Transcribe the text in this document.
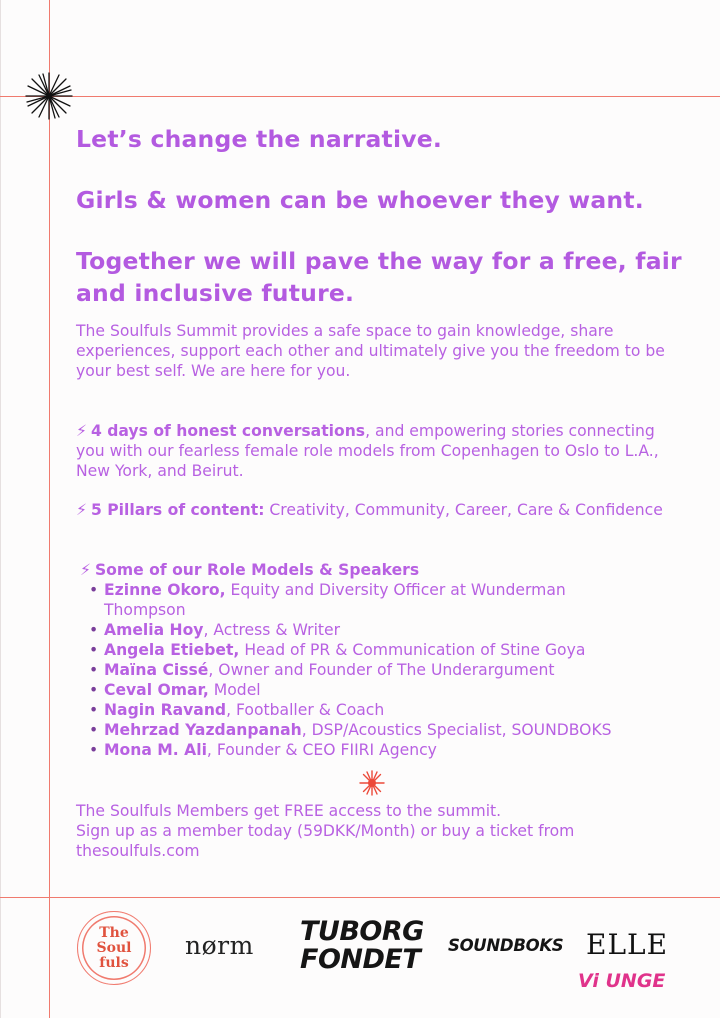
Let’s change the narrative.
Girls & women can be whoever they want.
Together we will pave the way for a free, fair and inclusive future.

The Soulfuls Summit provides a safe space to gain knowledge, share experiences, support each other and ultimately give you the freedom to be your best self. We are here for you.

⚡ 4 days of honest conversations, and empowering stories connecting you with our fearless female role models from Copenhagen to Oslo to L.A., New York, and Beirut.

⚡ 5 Pillars of content: Creativity, Community, Career, Care & Confidence

⚡ Some of our Role Models & Speakers

• Ezinne Okoro, Equity and Diversity Officer at Wunderman Thompson
• Amelia Hoy, Actress & Writer
• Angela Etiebet, Head of PR & Communication of Stine Goya
• Maïna Cissé, Owner and Founder of The Underargument
• Ceval Omar, Model
• Nagin Ravand, Footballer & Coach
• Mehrzad Yazdanpanah, DSP/Acoustics Specialist, SOUNDBOKS
• Mona M. Ali, Founder & CEO FIIRI Agency

The Soulfuls Members get FREE access to the summit.
Sign up as a member today (59DKK/Month) or buy a ticket from thesoulfuls.com

The
Soul
fuls
nørm TUBORG
FONDET SOUNDBOKS ELLE
Vi UNGE
